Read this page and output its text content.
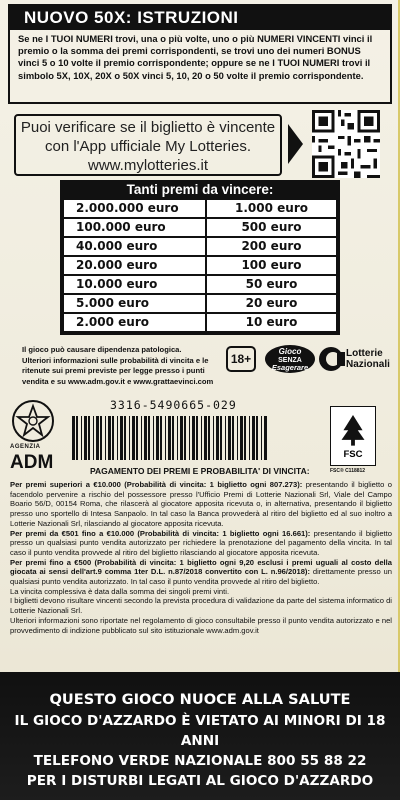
NUOVO 50X: ISTRUZIONI
Se ne I TUOI NUMERI trovi, una o più volte, uno o più NUMERI VINCENTI vinci il premio o la somma dei premi corrispondenti, se trovi uno dei numeri BONUS vinci 5 o 10 volte il premio corrispondente; oppure se ne I TUOI NUMERI trovi il simbolo 5X, 10X, 20X o 50X vinci 5, 10, 20 o 50 volte il premio corrispondente.
Puoi verificare se il biglietto è vincente
con l'App ufficiale My Lotteries.
www.mylotteries.it
Tanti premi da vincere:
2.000.000 euro	1.000 euro
100.000 euro	500 euro
40.000 euro	200 euro
20.000 euro	100 euro
10.000 euro	50 euro
5.000 euro	20 euro
2.000 euro	10 euro
Il gioco può causare dipendenza patologica.
Ulteriori informazioni sulle probabilità di vincita e le
ritenute sui premi previste per legge presso i punti
vendita e su www.adm.gov.it e www.grattaevinci.com
18+
Gioco
SENZA
Esagerare
Lotterie
Nazionali
AGENZIA
ADM
3316-5490665-029
FSC
FSC® C118812
PAGAMENTO DEI PREMI E PROBABILITA' DI VINCITA:

Per premi superiori a €10.000 (Probabilità di vincita: 1 biglietto ogni 807.273): presentando il biglietto o facendolo pervenire a rischio del possessore presso l'Ufficio Premi di Lotterie Nazionali Srl, Viale del Campo Boario 56/D, 00154 Roma, che rilascerà al giocatore apposita ricevuta o, in alternativa, presentando il biglietto presso uno sportello di Intesa Sanpaolo. In tal caso la Banca provvederà al ritiro del biglietto ed al suo inoltro a Lotterie Nazionali Srl, rilasciando al giocatore apposita ricevuta.

Per premi da €501 fino a €10.000 (Probabilità di vincita: 1 biglietto ogni 16.661): presentando il biglietto presso un qualsiasi punto vendita autorizzato per richiedere la prenotazione del pagamento della vincita. In tal caso il punto vendita provvede al ritiro del biglietto rilasciando al giocatore apposita ricevuta.

Per premi fino a €500 (Probabilità di vincita: 1 biglietto ogni 9,20 esclusi i premi uguali al costo della giocata ai sensi dell'art.9 comma 1ter D.L. n.87/2018 convertito con L. n.96/2018): direttamente presso un qualsiasi punto vendita autorizzato. In tal caso il punto vendita provvede al ritiro del biglietto.

La vincita complessiva è data dalla somma dei singoli premi vinti.

I biglietti devono risultare vincenti secondo la prevista procedura di validazione da parte del sistema informatico di Lotterie Nazionali Srl.

Ulteriori informazioni sono riportate nel regolamento di gioco consultabile presso il punto vendita autorizzato e nel provvedimento di indizione pubblicato sul sito istituzionale www.adm.gov.it

QUESTO GIOCO NUOCE ALLA SALUTE
IL GIOCO D'AZZARDO È VIETATO AI MINORI DI 18 ANNI
TELEFONO VERDE NAZIONALE 800 55 88 22
PER I DISTURBI LEGATI AL GIOCO D'AZZARDO
